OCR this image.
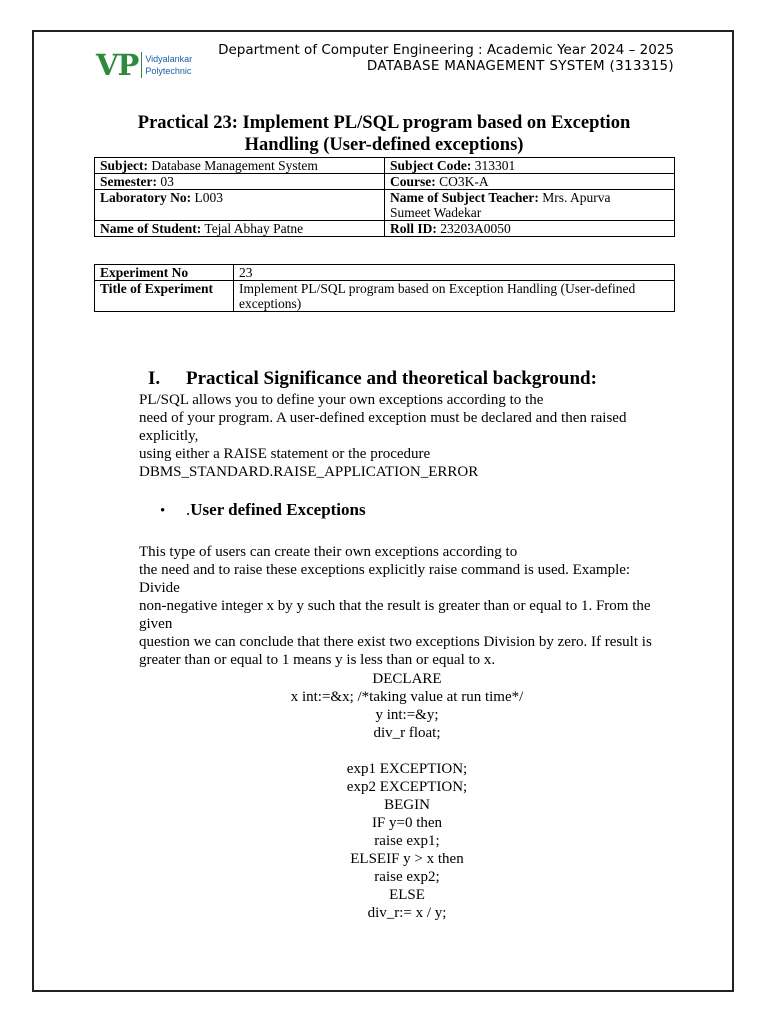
VP Vidyalankar
Polytechnic
Department of Computer Engineering : Academic Year 2024 – 2025
DATABASE MANAGEMENT SYSTEM (313315)
Practical 23: Implement PL/SQL program based on Exception
Handling (User-defined exceptions)
Subject: Database Management System	Subject Code: 313301
Semester: 03	Course: CO3K-A
Laboratory No: L003	Name of Subject Teacher: Mrs. Apurva
Sumeet Wadekar
Name of Student: Tejal Abhay Patne	Roll ID: 23203A0050
Experiment No	23
Title of Experiment	Implement PL/SQL program based on Exception Handling (User-defined
exceptions)
I. Practical Significance and theoretical background:
PL/SQL allows you to define your own exceptions according to the
need of your program. A user-defined exception must be declared and then raised
explicitly,
using either a RAISE statement or the procedure
DBMS_STANDARD.RAISE_APPLICATION_ERROR
• .User defined Exceptions
This type of users can create their own exceptions according to
the need and to raise these exceptions explicitly raise command is used. Example:
Divide
non-negative integer x by y such that the result is greater than or equal to 1. From the
given
question we can conclude that there exist two exceptions Division by zero. If result is
greater than or equal to 1 means y is less than or equal to x.
DECLARE
x int:=&x; /*taking value at run time*/
y int:=&y;
div_r float;
exp1 EXCEPTION;
exp2 EXCEPTION;
BEGIN
IF y=0 then
raise exp1;
ELSEIF y > x then
raise exp2;
ELSE
div_r:= x / y;
